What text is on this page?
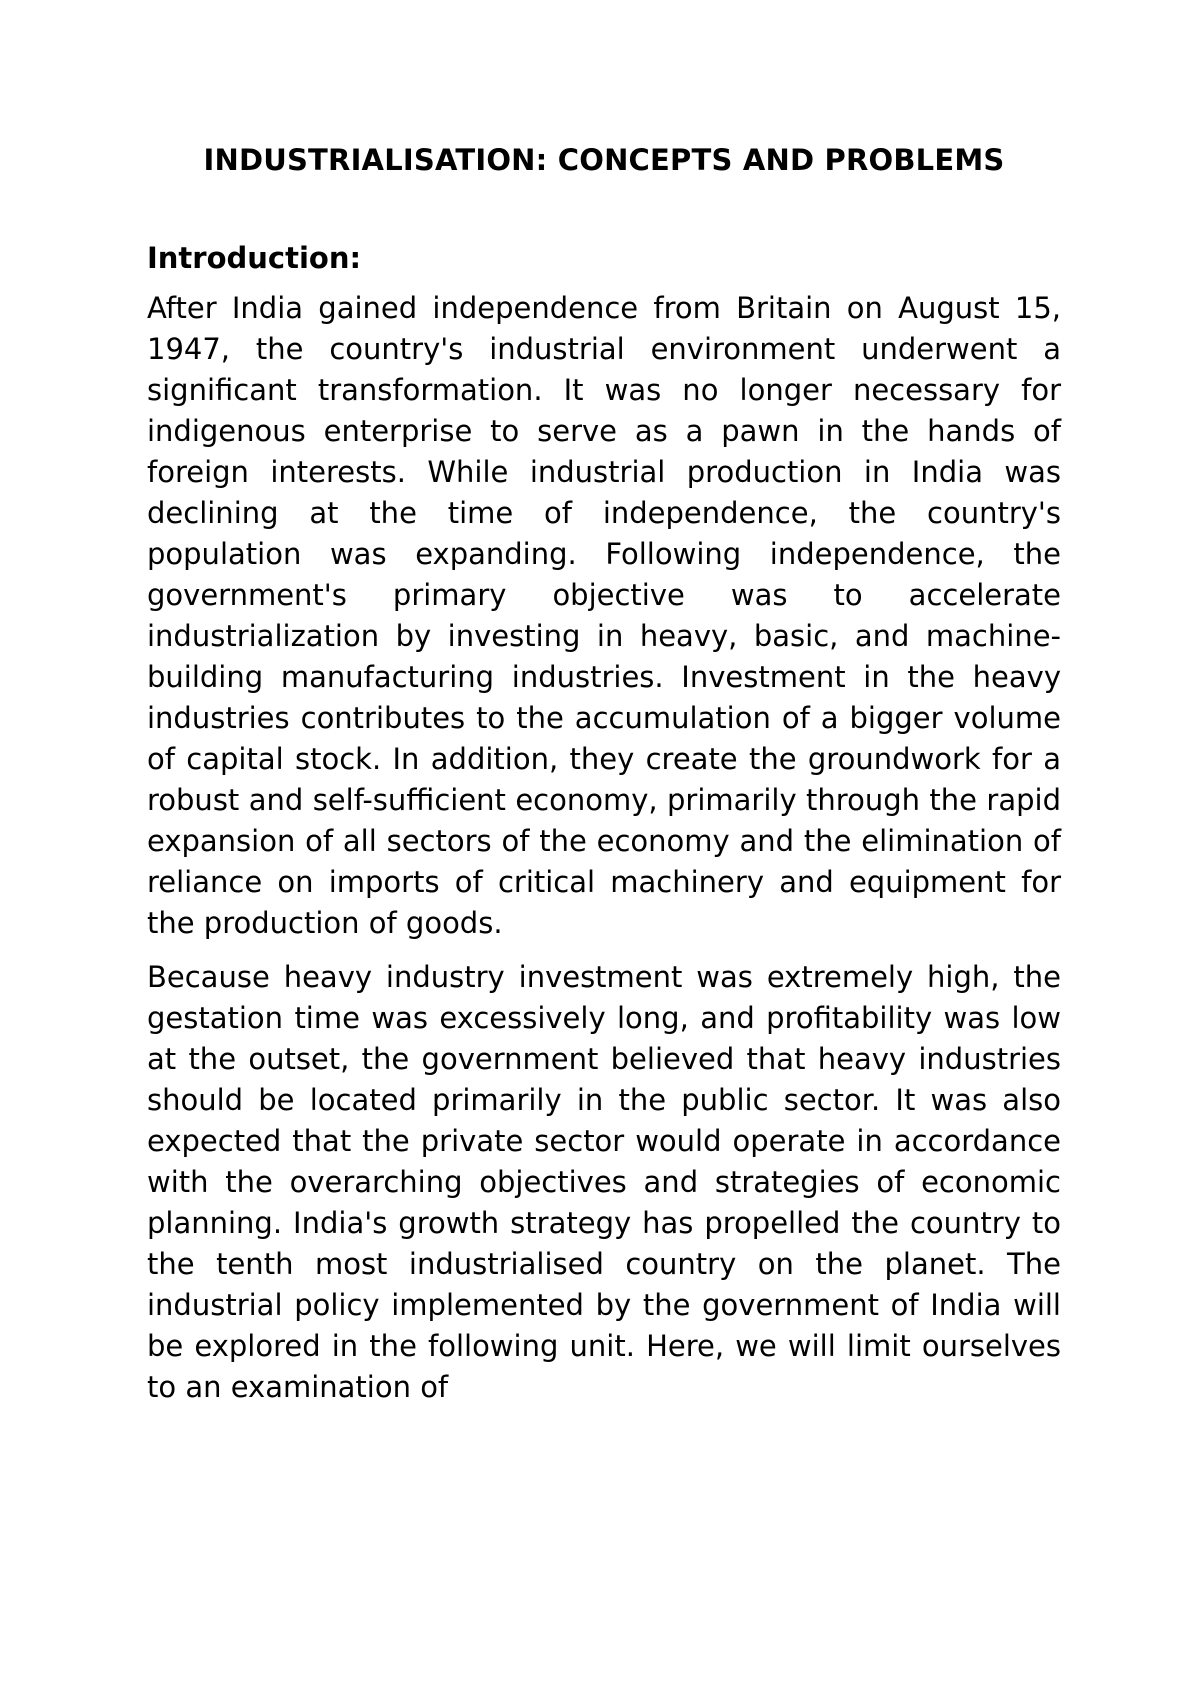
INDUSTRIALISATION: CONCEPTS AND PROBLEMS
Introduction:

After India gained independence from Britain on August 15, 1947, the country's industrial environment underwent a significant transformation. It was no longer necessary for indigenous enterprise to serve as a pawn in the hands of foreign interests. While industrial production in India was declining at the time of independence, the country's population was expanding. Following independence, the government's primary objective was to accelerate industrialization by investing in heavy, basic, and machine-building manufacturing industries. Investment in the heavy industries contributes to the accumulation of a bigger volume of capital stock. In addition, they create the groundwork for a robust and self-sufficient economy, primarily through the rapid expansion of all sectors of the economy and the elimination of reliance on imports of critical machinery and equipment for the production of goods.

Because heavy industry investment was extremely high, the gestation time was excessively long, and profitability was low at the outset, the government believed that heavy industries should be located primarily in the public sector. It was also expected that the private sector would operate in accordance with the overarching objectives and strategies of economic planning. India's growth strategy has propelled the country to the tenth most industrialised country on the planet. The industrial policy implemented by the government of India will be explored in the following unit. Here, we will limit ourselves to an examination of
